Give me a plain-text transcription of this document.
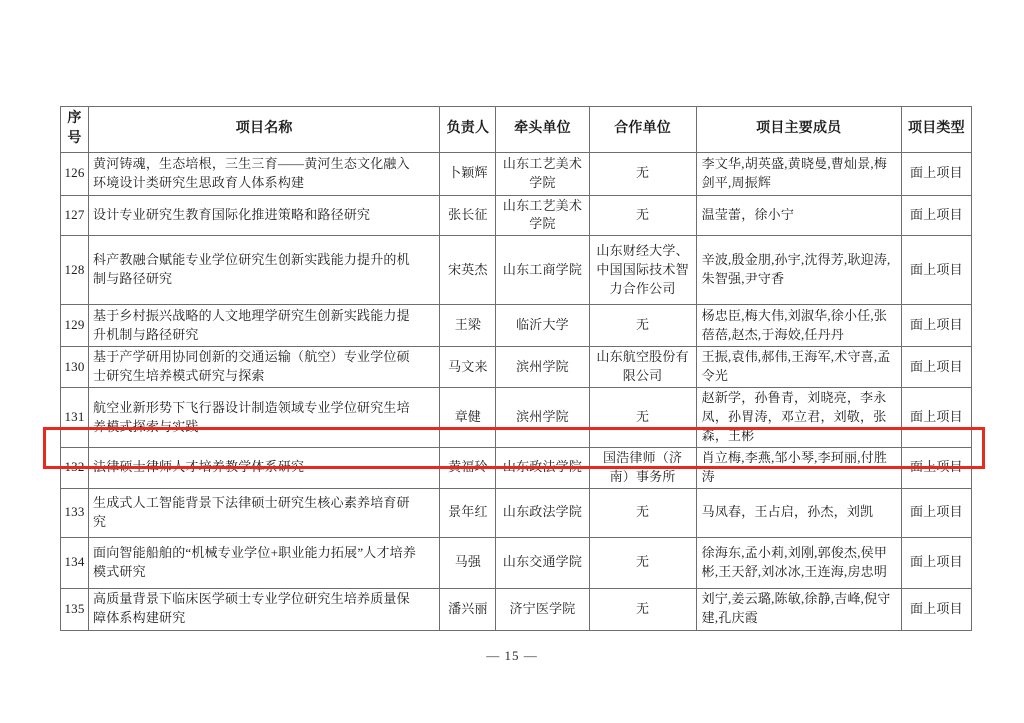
序号	项目名称	负责人	牵头单位	合作单位	项目主要成员	项目类型
126	黄河铸魂，生态培根，三生三育——黄河生态文化融入环境设计类研究生思政育人体系构建	卜颖辉	山东工艺美术学院	无	李文华,胡英盛,黄晓曼,曹灿景,梅剑平,周振辉	面上项目
127	设计专业研究生教育国际化推进策略和路径研究	张长征	山东工艺美术学院	无	温莹蕾，徐小宁	面上项目
128	科产教融合赋能专业学位研究生创新实践能力提升的机制与路径研究	宋英杰	山东工商学院	山东财经大学、中国国际技术智力合作公司	辛波,殷金朋,孙宇,沈得芳,耿迎涛,朱智强,尹守香	面上项目
129	基于乡村振兴战略的人文地理学研究生创新实践能力提升机制与路径研究	王梁	临沂大学	无	杨忠臣,梅大伟,刘淑华,徐小任,张蓓蓓,赵杰,于海姣,任丹丹	面上项目
130	基于产学研用协同创新的交通运输（航空）专业学位硕士研究生培养模式研究与探索	马文来	滨州学院	山东航空股份有限公司	王振,袁伟,郝伟,王海军,术守喜,孟令光	面上项目
131	航空业新形势下飞行器设计制造领域专业学位研究生培养模式探索与实践	章健	滨州学院	无	赵新学，孙鲁青，刘晓亮，李永凤，孙胃涛，邓立君，刘敬，张森，王彬	面上项目
132	法律硕士律师人才培养教学体系研究	黄福玲	山东政法学院	国浩律师（济南）事务所	肖立梅,李燕,邹小琴,李珂丽,付胜涛	面上项目
133	生成式人工智能背景下法律硕士研究生核心素养培育研究	景年红	山东政法学院	无	马凤春，王占启，孙杰，刘凯	面上项目
134	面向智能船舶的“机械专业学位+职业能力拓展”人才培养模式研究	马强	山东交通学院	无	徐海东,孟小莉,刘刚,郭俊杰,侯甲彬,王天舒,刘冰冰,王连海,房忠明	面上项目
135	高质量背景下临床医学硕士专业学位研究生培养质量保障体系构建研究	潘兴丽	济宁医学院	无	刘宁,姜云璐,陈敏,徐静,吉峰,倪守建,孔庆霞	面上项目
— 15 —
